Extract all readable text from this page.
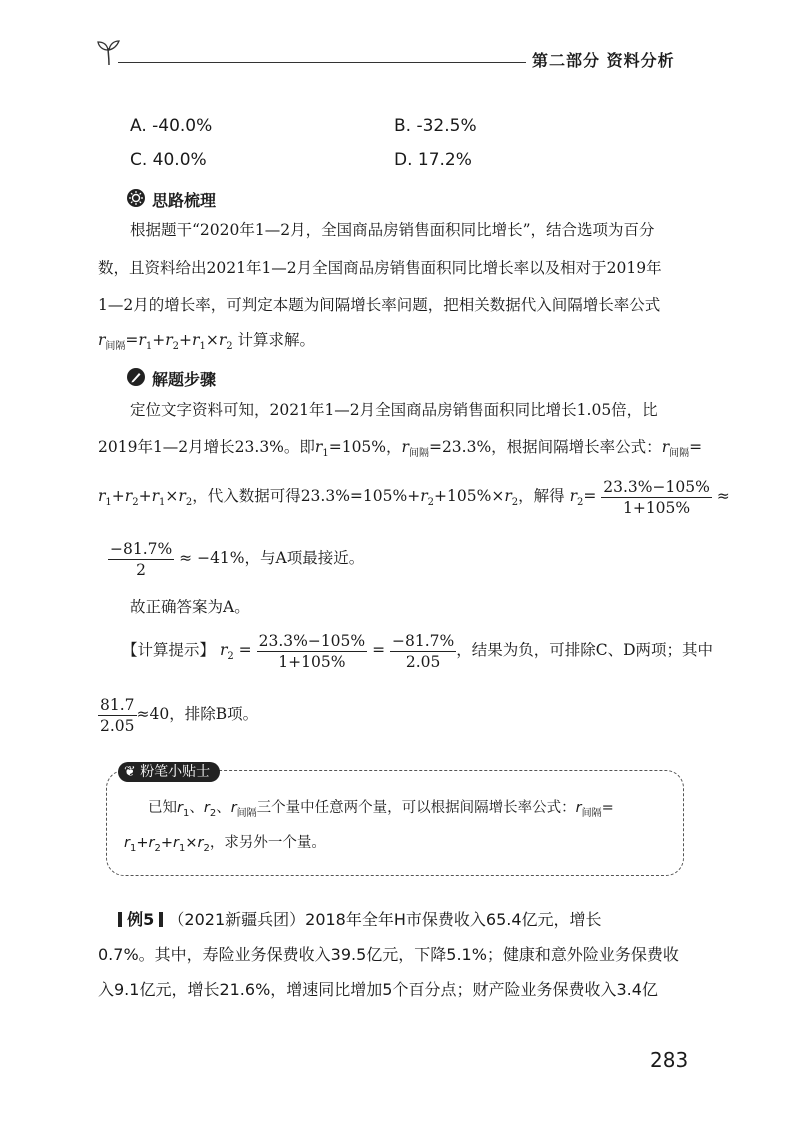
第二部分 资料分析
A. -40.0%	B. -32.5%
C. 40.0%	D. 17.2%
思路梳理
根据题干“2020年1—2月，全国商品房销售面积同比增长”，结合选项为百分
数，且资料给出2021年1—2月全国商品房销售面积同比增长率以及相对于2019年
1—2月的增长率，可判定本题为间隔增长率问题，把相关数据代入间隔增长率公式
$r_{间隔}=r_1+r_2+r_1\times r_2$ 计算求解。
解题步骤
定位文字资料可知，2021年1—2月全国商品房销售面积同比增长1.05倍，比
2019年1—2月增长23.3%。即$r_1=105\%$，$r_{间隔}=23.3\%$，根据间隔增长率公式：$r_{间隔}=$
$r_1+r_2+r_1\times r_2$，代入数据可得$23.3\%=105\%+r_2+105\%\times r_2$，解得 $r_2= \frac{23.3\%-105\%}{1+105\%}$ ≈
$\frac{-81.7\%}{2} \approx -41\%$，与A项最接近。
故正确答案为A。
【计算提示】 $r_2 = \frac{23.3\%-105\%}{1+105\%} = \frac{-81.7\%}{2.05}$ ，结果为负，可排除C、D两项；其中
$\frac{81.7}{2.05} \approx 40$，排除B项。
❦ 粉笔小贴士
已知$r_1$、$r_2$、$r_{间隔}$三个量中任意两个量，可以根据间隔增长率公式：$r_{间隔}=$
$r_1+r_2+r_1\times r_2$，求另外一个量。
例5 （2021新疆兵团）2018年全年H市保费收入65.4亿元，增长
0.7%。其中，寿险业务保费收入39.5亿元，下降5.1%；健康和意外险业务保费收
入9.1亿元，增长21.6%，增速同比增加5个百分点；财产险业务保费收入3.4亿
283
